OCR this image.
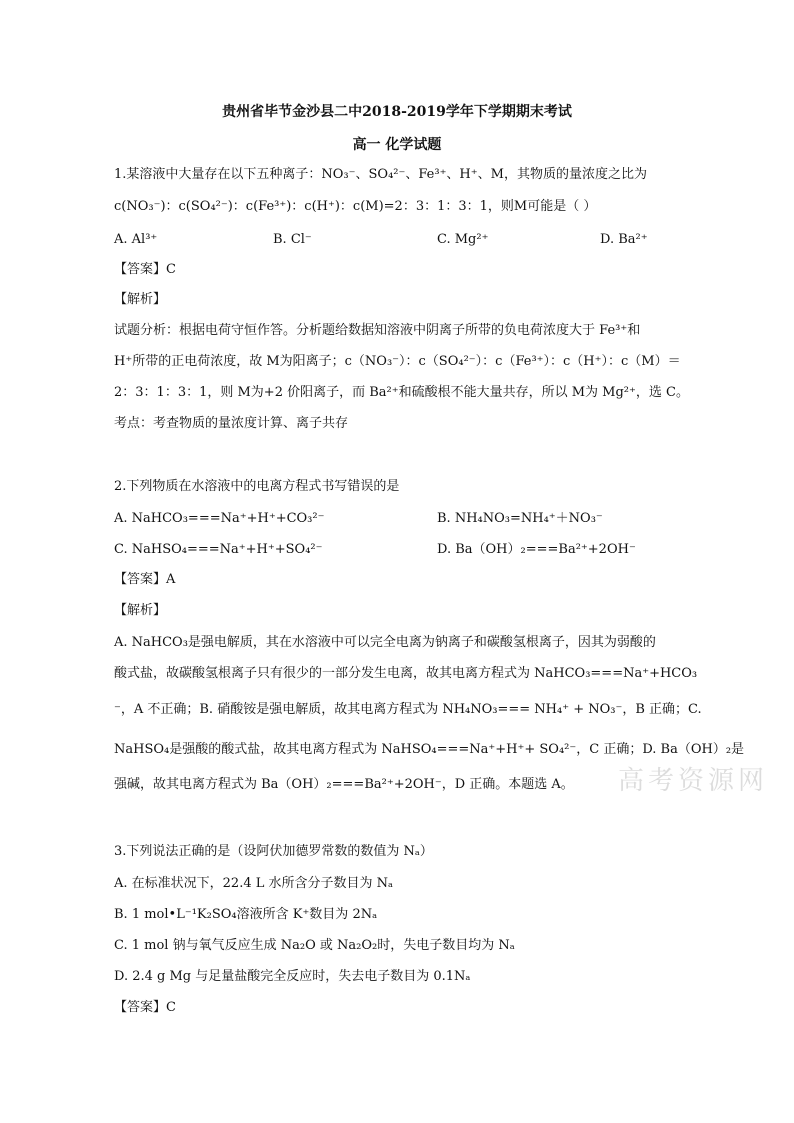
高考资源网
贵州省毕节金沙县二中2018-2019学年下学期期末考试
高一 化学试题
1.某溶液中大量存在以下五种离子：NO₃⁻、SO₄²⁻、Fe³⁺、H⁺、M，其物质的量浓度之比为
c(NO₃⁻)：c(SO₄²⁻)：c(Fe³⁺)：c(H⁺)：c(M)=2：3：1：3：1，则M可能是（ ）
A. Al³⁺	B. Cl⁻	C. Mg²⁺	D. Ba²⁺
【答案】C
【解析】
试题分析：根据电荷守恒作答。分析题给数据知溶液中阴离子所带的负电荷浓度大于 Fe³⁺和
H⁺所带的正电荷浓度，故 M为阳离子；c（NO₃⁻）：c（SO₄²⁻）：c（Fe³⁺）：c（H⁺）：c（M）＝
2：3：1：3：1，则 M为+2 价阳离子，而 Ba²⁺和硫酸根不能大量共存，所以 M为 Mg²⁺，选 C。
考点：考查物质的量浓度计算、离子共存
2.下列物质在水溶液中的电离方程式书写错误的是
A. NaHCO₃===Na⁺+H⁺+CO₃²⁻	B. NH₄NO₃=NH₄⁺＋NO₃⁻
C. NaHSO₄===Na⁺+H⁺+SO₄²⁻	D. Ba（OH）₂===Ba²⁺+2OH⁻
【答案】A
【解析】
A. NaHCO₃是强电解质，其在水溶液中可以完全电离为钠离子和碳酸氢根离子，因其为弱酸的
酸式盐，故碳酸氢根离子只有很少的一部分发生电离，故其电离方程式为 NaHCO₃===Na⁺+HCO₃
⁻，A 不正确；B. 硝酸铵是强电解质，故其电离方程式为 NH₄NO₃=== NH₄⁺ + NO₃⁻，B 正确；C.
NaHSO₄是强酸的酸式盐，故其电离方程式为 NaHSO₄===Na⁺+H⁺+ SO₄²⁻，C 正确；D. Ba（OH）₂是
强碱，故其电离方程式为 Ba（OH）₂===Ba²⁺+2OH⁻，D 正确。本题选 A。
3.下列说法正确的是（设阿伏加德罗常数的数值为 Nₐ）
A. 在标准状况下，22.4 L 水所含分子数目为 Nₐ
B. 1 mol•L⁻¹K₂SO₄溶液所含 K⁺数目为 2Nₐ
C. 1 mol 钠与氧气反应生成 Na₂O 或 Na₂O₂时，失电子数目均为 Nₐ
D. 2.4 g Mg 与足量盐酸完全反应时，失去电子数目为 0.1Nₐ
【答案】C
